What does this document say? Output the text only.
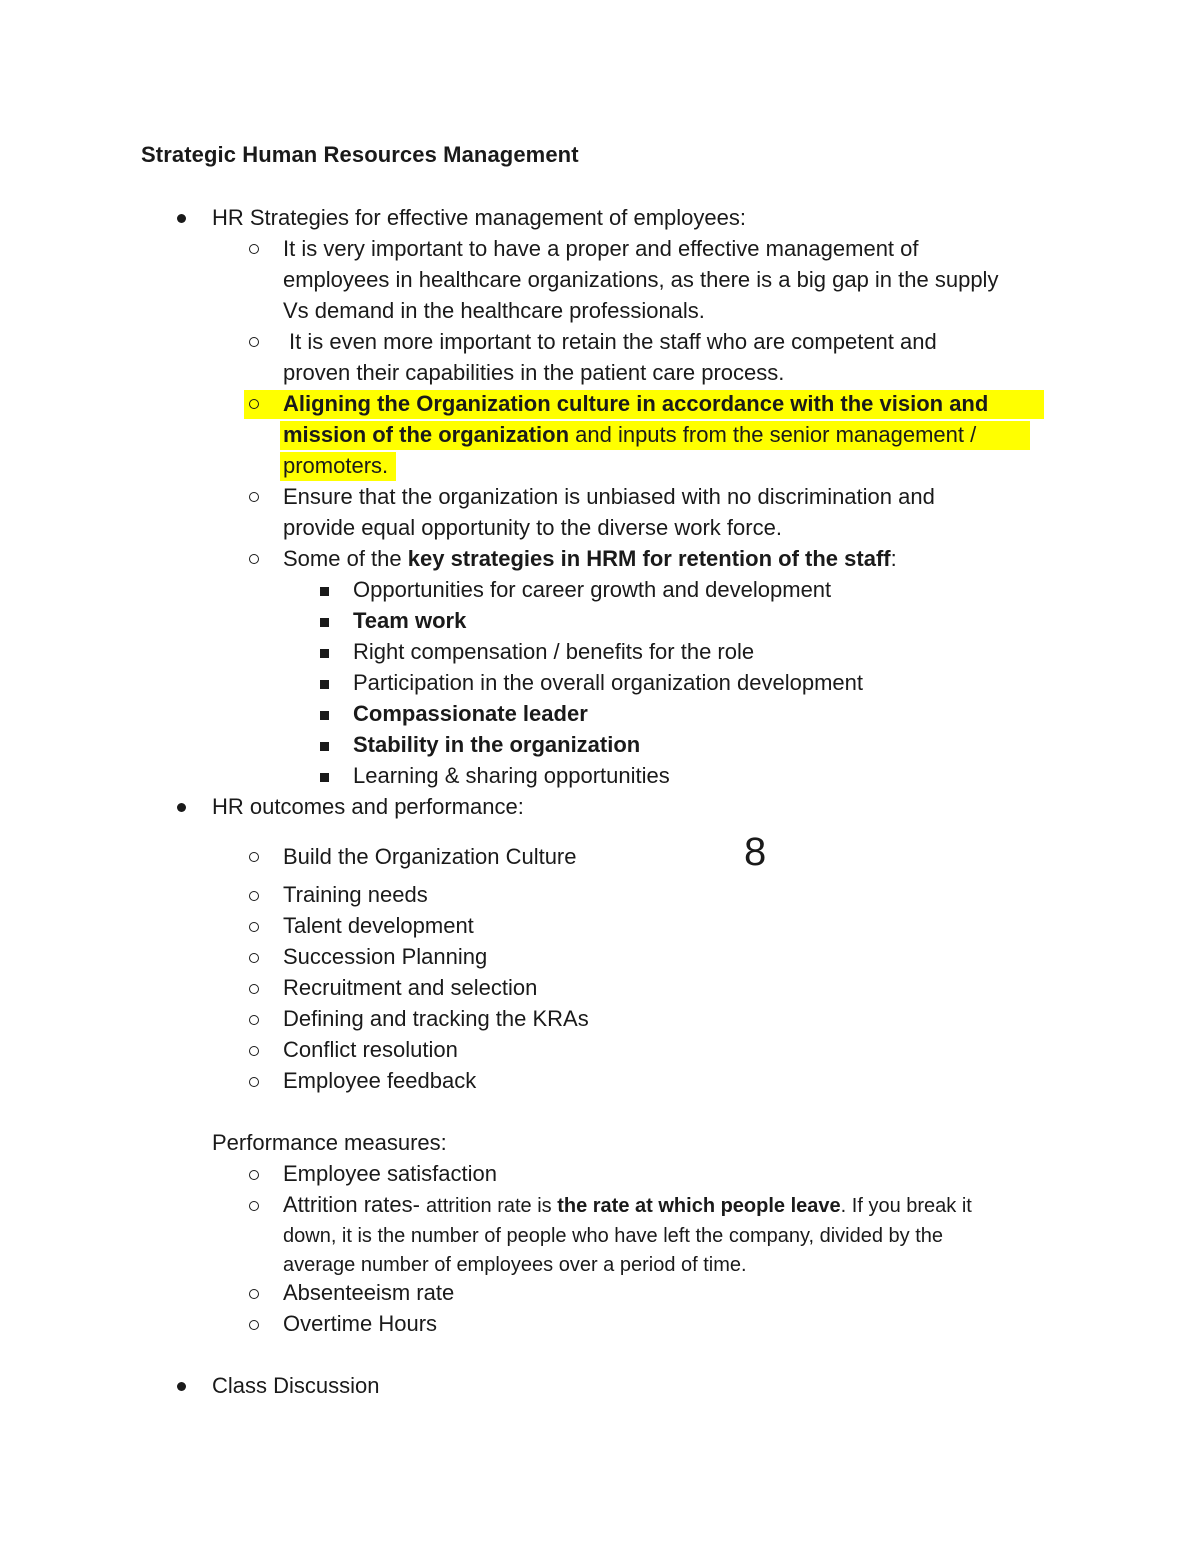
Strategic Human Resources Management
HR Strategies for effective management of employees:
It is very important to have a proper and effective management of
employees in healthcare organizations, as there is a big gap in the supply
Vs demand in the healthcare professionals.
It is even more important to retain the staff who are competent and
proven their capabilities in the patient care process.
Aligning the Organization culture in accordance with the vision and
mission of the organization and inputs from the senior management /
promoters.
Ensure that the organization is unbiased with no discrimination and
provide equal opportunity to the diverse work force.
Some of the key strategies in HRM for retention of the staff:
Opportunities for career growth and development
Team work
Right compensation / benefits for the role
Participation in the overall organization development
Compassionate leader
Stability in the organization
Learning & sharing opportunities
HR outcomes and performance:
8
Build the Organization Culture
Training needs
Talent development
Succession Planning
Recruitment and selection
Defining and tracking the KRAs
Conflict resolution
Employee feedback
Performance measures:
Employee satisfaction
Attrition rates- attrition rate is the rate at which people leave. If you break it
down, it is the number of people who have left the company, divided by the
average number of employees over a period of time.
Absenteeism rate
Overtime Hours
Class Discussion
